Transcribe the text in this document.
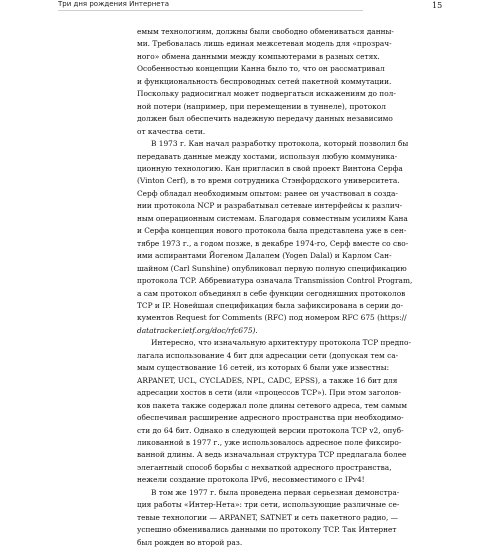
Три дня рождения Интернета	15

емым технологиям, должны были свободно обмениваться данны-
ми. Требовалась лишь единая межсетевая модель для «прозрач-
ного» обмена данными между компьютерами в разных сетях.
Особенностью концепции Канна было то, что он рассматривал
и функциональность беспроводных сетей пакетной коммутации.
Поскольку радиосигнал может подвергаться искажениям до пол-
ной потери (например, при перемещении в туннеле), протокол
должен был обеспечить надежную передачу данных независимо
от качества сети.

В 1973 г. Кан начал разработку протокола, который позволил бы
передавать данные между хостами, используя любую коммуника-
ционную технологию. Кан пригласил в свой проект Винтона Серфа
(Vinton Cerf), в то время сотрудника Стэнфордского университета.
Серф обладал необходимым опытом: ранее он участвовал в созда-
нии протокола NCP и разрабатывал сетевые интерфейсы к различ-
ным операционным системам. Благодаря совместным усилиям Кана
и Серфа концепция нового протокола была представлена уже в сен-
тябре 1973 г., а годом позже, в декабре 1974-го, Серф вместе со сво-
ими аспирантами Йогеном Далалем (Yogen Dalal) и Карлом Сан-
шайном (Carl Sunshine) опубликовал первую полную спецификацию
протокола TCP. Аббревиатура означала Transmission Control Program,
а сам протокол объединял в себе функции сегодняшних протоколов
TCP и IP. Новейшая спецификация была зафиксирована в серии до-
кументов Request for Comments (RFC) под номером RFC 675 (https://
datatracker.ietf.org/doc/rfc675).

Интересно, что изначальную архитектуру протокола TCP предпо-
лагала использование 4 бит для адресации сети (допуская тем са-
мым существование 16 сетей, из которых 6 были уже известны:
ARPANET, UCL, CYCLADES, NPL, CADC, EPSS), а также 16 бит для
адресации хостов в сети (или «процессов TCP»). При этом заголов-
ков пакета также содержал поле длины сетевого адреса, тем самым
обеспечивая расширение адресного пространства при необходимо-
сти до 64 бит. Однако в следующей версии протокола TCP v2, опуб-
ликованной в 1977 г., уже использовалось адресное поле фиксиро-
ванной длины. А ведь изначальная структура TCP предлагала более
элегантный способ борьбы с нехваткой адресного пространства,
нежели создание протокола IPv6, несовместимого с IPv4!

В том же 1977 г. была проведена первая серьезная демонстра-
ция работы «Интер-Нета»: три сети, использующие различные се-
тевые технологии — ARPANET, SATNET и сеть пакетного радио, —
успешно обменивались данными по протоколу TCP. Так Интернет
был рожден во второй раз.
